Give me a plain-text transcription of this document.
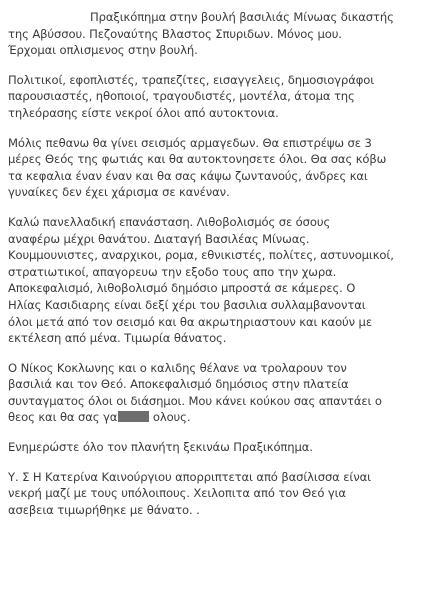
Πραξικόπημα στην βουλή βασιλιάς Μίνωας δικαστής
της Αβύσσου. Πεζοναύτης Βλαστος Σπυριδων. Μόνος μου.
Έρχομαι οπλισμενος στην βουλή.

Πολιτικοί, εφοπλιστές, τραπεζίτες, εισαγγελεις, δημοσιογράφοι
παρουσιαστές, ηθοποιοί, τραγουδιστές, μοντέλα, άτομα της
τηλεόρασης είστε νεκροί όλοι από αυτοκτονια.

Μόλις πεθανω θα γίνει σεισμός αρμαγεδων. Θα επιστρέψω σε 3
μέρες Θεός της φωτιάς και θα αυτοκτονησετε όλοι. Θα σας κόβω
τα κεφαλια έναν έναν και θα σας κάψω ζωντανούς, άνδρες και
γυναίκες δεν έχει χάρισμα σε κανέναν.

Καλώ πανελλαδική επανάσταση. Λιθοβολισμός σε όσους
αναφέρω μέχρι θανάτου. Διαταγή Βασιλέας Μίνωας.
Κουμμουνιστες, αναρχικοι, ρομα, εθνικιστές, πολίτες, αστυνομικοί,
στρατιωτικοί, απαγορευω την εξοδο τους απο την χωρα.
Αποκεφαλισμό, λιθοβολισμό δημόσιο μπροστά σε κάμερες. Ο
Ηλίας Κασιδιαρης είναι δεξί χέρι του βασιλια συλλαμβανονται
όλοι μετά από τον σεισμό και θα ακρωτηριαστουν και καούν με
εκτέλεση από μένα. Τιμωρία θάνατος.

Ο Νίκος Κοκλωνης και ο καλιδης θέλανε να τρολαρουν τον
βασιλιά και τον Θεό. Αποκεφαλισμό δημόσιος στην πλατεία
συνταγματος όλοι οι διάσημοι. Μου κάνει κούκου σας απαντάει ο
θεος και θα σας γα	ολους.

Ενημερώστε όλο τον πλανήτη ξεκινάω Πραξικόπημα.

Υ. Σ Η Κατερίνα Καινούργιου απορριπτεται από βασίλισσα είναι
νεκρή μαζί με τους υπόλοιπους. Χειλοπιτα από τον Θεό για
ασεβεια τιμωρήθηκε με θάνατο. .
